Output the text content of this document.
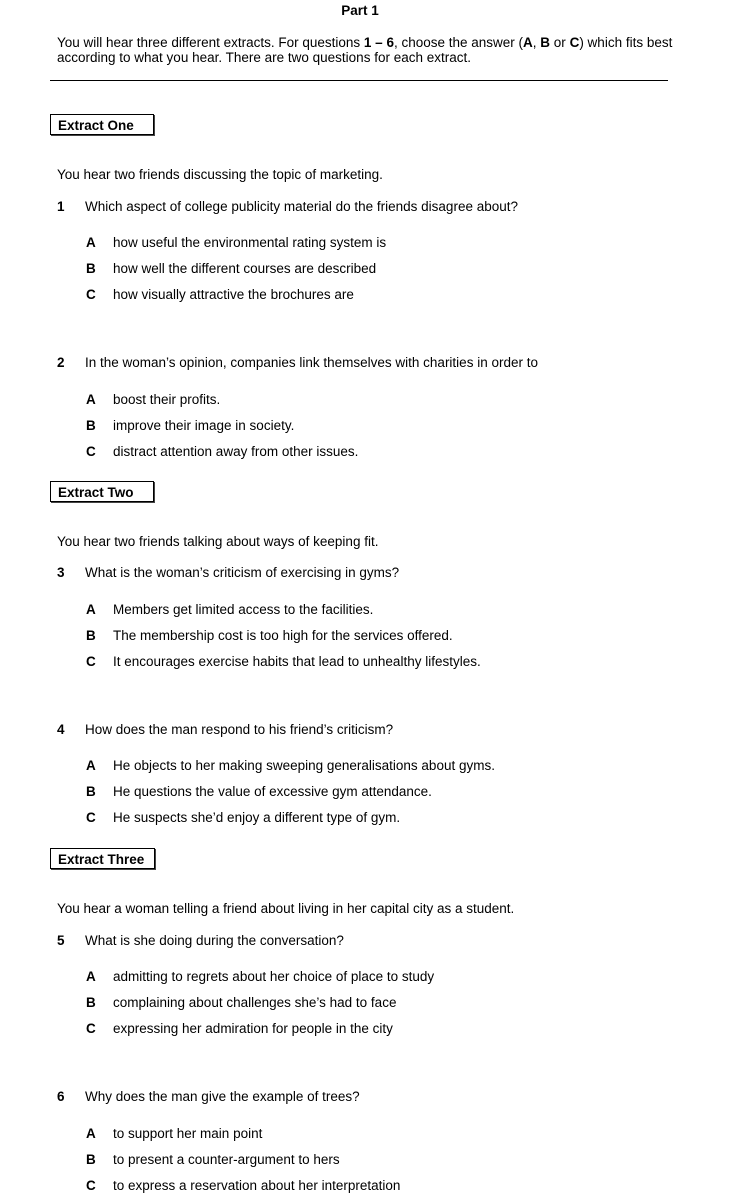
Part 1
You will hear three different extracts. For questions 1 – 6, choose the answer (A, B or C) which fits best according to what you hear. There are two questions for each extract.
Extract One
You hear two friends discussing the topic of marketing.
1 Which aspect of college publicity material do the friends disagree about?
A how useful the environmental rating system is
B how well the different courses are described
C how visually attractive the brochures are
2 In the woman’s opinion, companies link themselves with charities in order to
A boost their profits.
B improve their image in society.
C distract attention away from other issues.
Extract Two
You hear two friends talking about ways of keeping fit.
3 What is the woman’s criticism of exercising in gyms?
A Members get limited access to the facilities.
B The membership cost is too high for the services offered.
C It encourages exercise habits that lead to unhealthy lifestyles.
4 How does the man respond to his friend’s criticism?
A He objects to her making sweeping generalisations about gyms.
B He questions the value of excessive gym attendance.
C He suspects she’d enjoy a different type of gym.
Extract Three
You hear a woman telling a friend about living in her capital city as a student.
5 What is she doing during the conversation?
A admitting to regrets about her choice of place to study
B complaining about challenges she’s had to face
C expressing her admiration for people in the city
6 Why does the man give the example of trees?
A to support her main point
B to present a counter-argument to hers
C to express a reservation about her interpretation
